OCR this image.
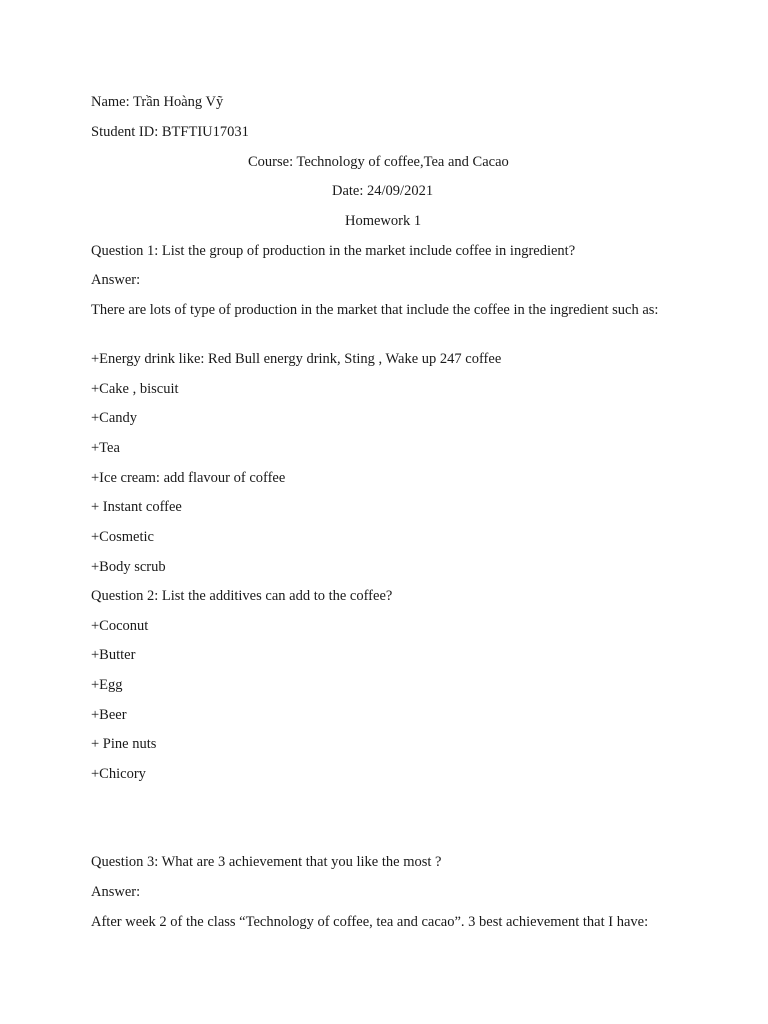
Name: Trần Hoàng Vỹ
Student ID: BTFTIU17031
Course: Technology of coffee,Tea and Cacao
Date: 24/09/2021
Homework 1
Question 1: List the group of production in the market include coffee in ingredient?
Answer:
There are lots of type of production in the market that include the coffee in the ingredient such as:
+Energy drink like: Red Bull energy drink, Sting , Wake up 247 coffee
+Cake , biscuit
+Candy
+Tea
+Ice cream: add flavour of coffee
+ Instant coffee
+Cosmetic
+Body scrub
Question 2: List the additives can add to the coffee?
+Coconut
+Butter
+Egg
+Beer
+ Pine nuts
+Chicory
Question 3: What are 3 achievement that you like the most ?
Answer:
After week 2 of the class “Technology of coffee, tea and cacao”. 3 best achievement that I have:
